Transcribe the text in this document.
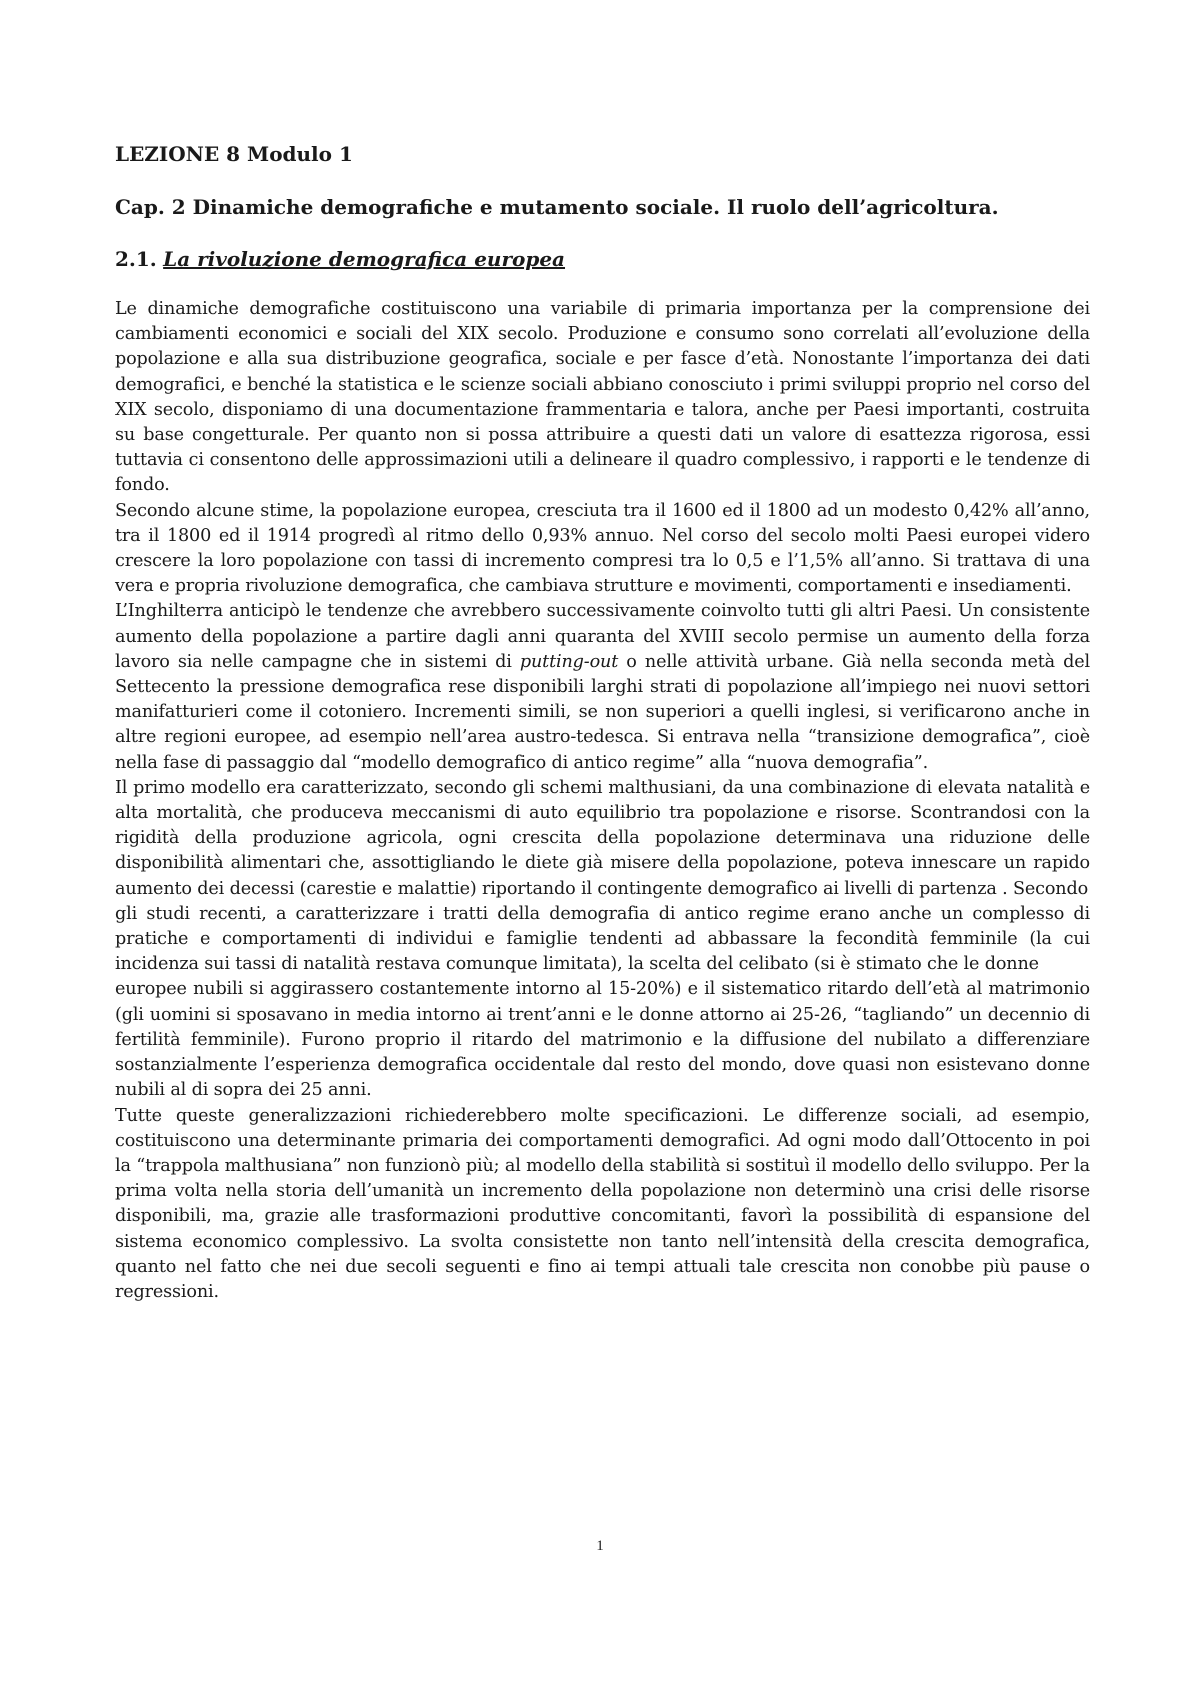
LEZIONE 8 Modulo 1
Cap. 2 Dinamiche demografiche e mutamento sociale. Il ruolo dell’agricoltura.
2.1. La rivoluzione demografica europea

Le dinamiche demografiche costituiscono una variabile di primaria importanza per la comprensione dei cambiamenti economici e sociali del XIX secolo. Produzione e consumo sono correlati all’evoluzione della popolazione e alla sua distribuzione geografica, sociale e per fasce d’età. Nonostante l’importanza dei dati demografici, e benché la statistica e le scienze sociali abbiano conosciuto i primi sviluppi proprio nel corso del XIX secolo, disponiamo di una documentazione frammentaria e talora, anche per Paesi importanti, costruita su base congetturale. Per quanto non si possa attribuire a questi dati un valore di esattezza rigorosa, essi tuttavia ci consentono delle approssimazioni utili a delineare il quadro complessivo, i rapporti e le tendenze di fondo.

Secondo alcune stime, la popolazione europea, cresciuta tra il 1600 ed il 1800 ad un modesto 0,42% all’anno, tra il 1800 ed il 1914 progredì al ritmo dello 0,93% annuo. Nel corso del secolo molti Paesi europei videro crescere la loro popolazione con tassi di incremento compresi tra lo 0,5 e l’1,5% all’anno. Si trattava di una vera e propria rivoluzione demografica, che cambiava strutture e movimenti, comportamenti e insediamenti.

L’Inghilterra anticipò le tendenze che avrebbero successivamente coinvolto tutti gli altri Paesi. Un consistente aumento della popolazione a partire dagli anni quaranta del XVIII secolo permise un aumento della forza lavoro sia nelle campagne che in sistemi di putting-out o nelle attività urbane. Già nella seconda metà del Settecento la pressione demografica rese disponibili larghi strati di popolazione all’impiego nei nuovi settori manifatturieri come il cotoniero. Incrementi simili, se non superiori a quelli inglesi, si verificarono anche in altre regioni europee, ad esempio nell’area austro-tedesca. Si entrava nella “transizione demografica”, cioè nella fase di passaggio dal “modello demografico di antico regime” alla “nuova demografia”.

Il primo modello era caratterizzato, secondo gli schemi malthusiani, da una combinazione di elevata natalità e alta mortalità, che produceva meccanismi di auto equilibrio tra popolazione e risorse. Scontrandosi con la rigidità della produzione agricola, ogni crescita della popolazione determinava una riduzione delle disponibilità alimentari che, assottigliando le diete già misere della popolazione, poteva innescare un rapido aumento dei decessi (carestie e malattie) riportando il contingente demografico ai livelli di partenza . Secondo

gli studi recenti, a caratterizzare i tratti della demografia di antico regime erano anche un complesso di pratiche e comportamenti di individui e famiglie tendenti ad abbassare la fecondità femminile (la cui incidenza sui tassi di natalità restava comunque limitata), la scelta del celibato (si è stimato che le donne

europee nubili si aggirassero costantemente intorno al 15-20%) e il sistematico ritardo dell’età al matrimonio (gli uomini si sposavano in media intorno ai trent’anni e le donne attorno ai 25-26, “tagliando” un decennio di fertilità femminile). Furono proprio il ritardo del matrimonio e la diffusione del nubilato a differenziare sostanzialmente l’esperienza demografica occidentale dal resto del mondo, dove quasi non esistevano donne nubili al di sopra dei 25 anni.

Tutte queste generalizzazioni richiederebbero molte specificazioni. Le differenze sociali, ad esempio, costituiscono una determinante primaria dei comportamenti demografici. Ad ogni modo dall’Ottocento in poi la “trappola malthusiana” non funzionò più; al modello della stabilità si sostituì il modello dello sviluppo. Per la prima volta nella storia dell’umanità un incremento della popolazione non determinò una crisi delle risorse disponibili, ma, grazie alle trasformazioni produttive concomitanti, favorì la possibilità di espansione del sistema economico complessivo. La svolta consistette non tanto nell’intensità della crescita demografica, quanto nel fatto che nei due secoli seguenti e fino ai tempi attuali tale crescita non conobbe più pause o regressioni.

1
